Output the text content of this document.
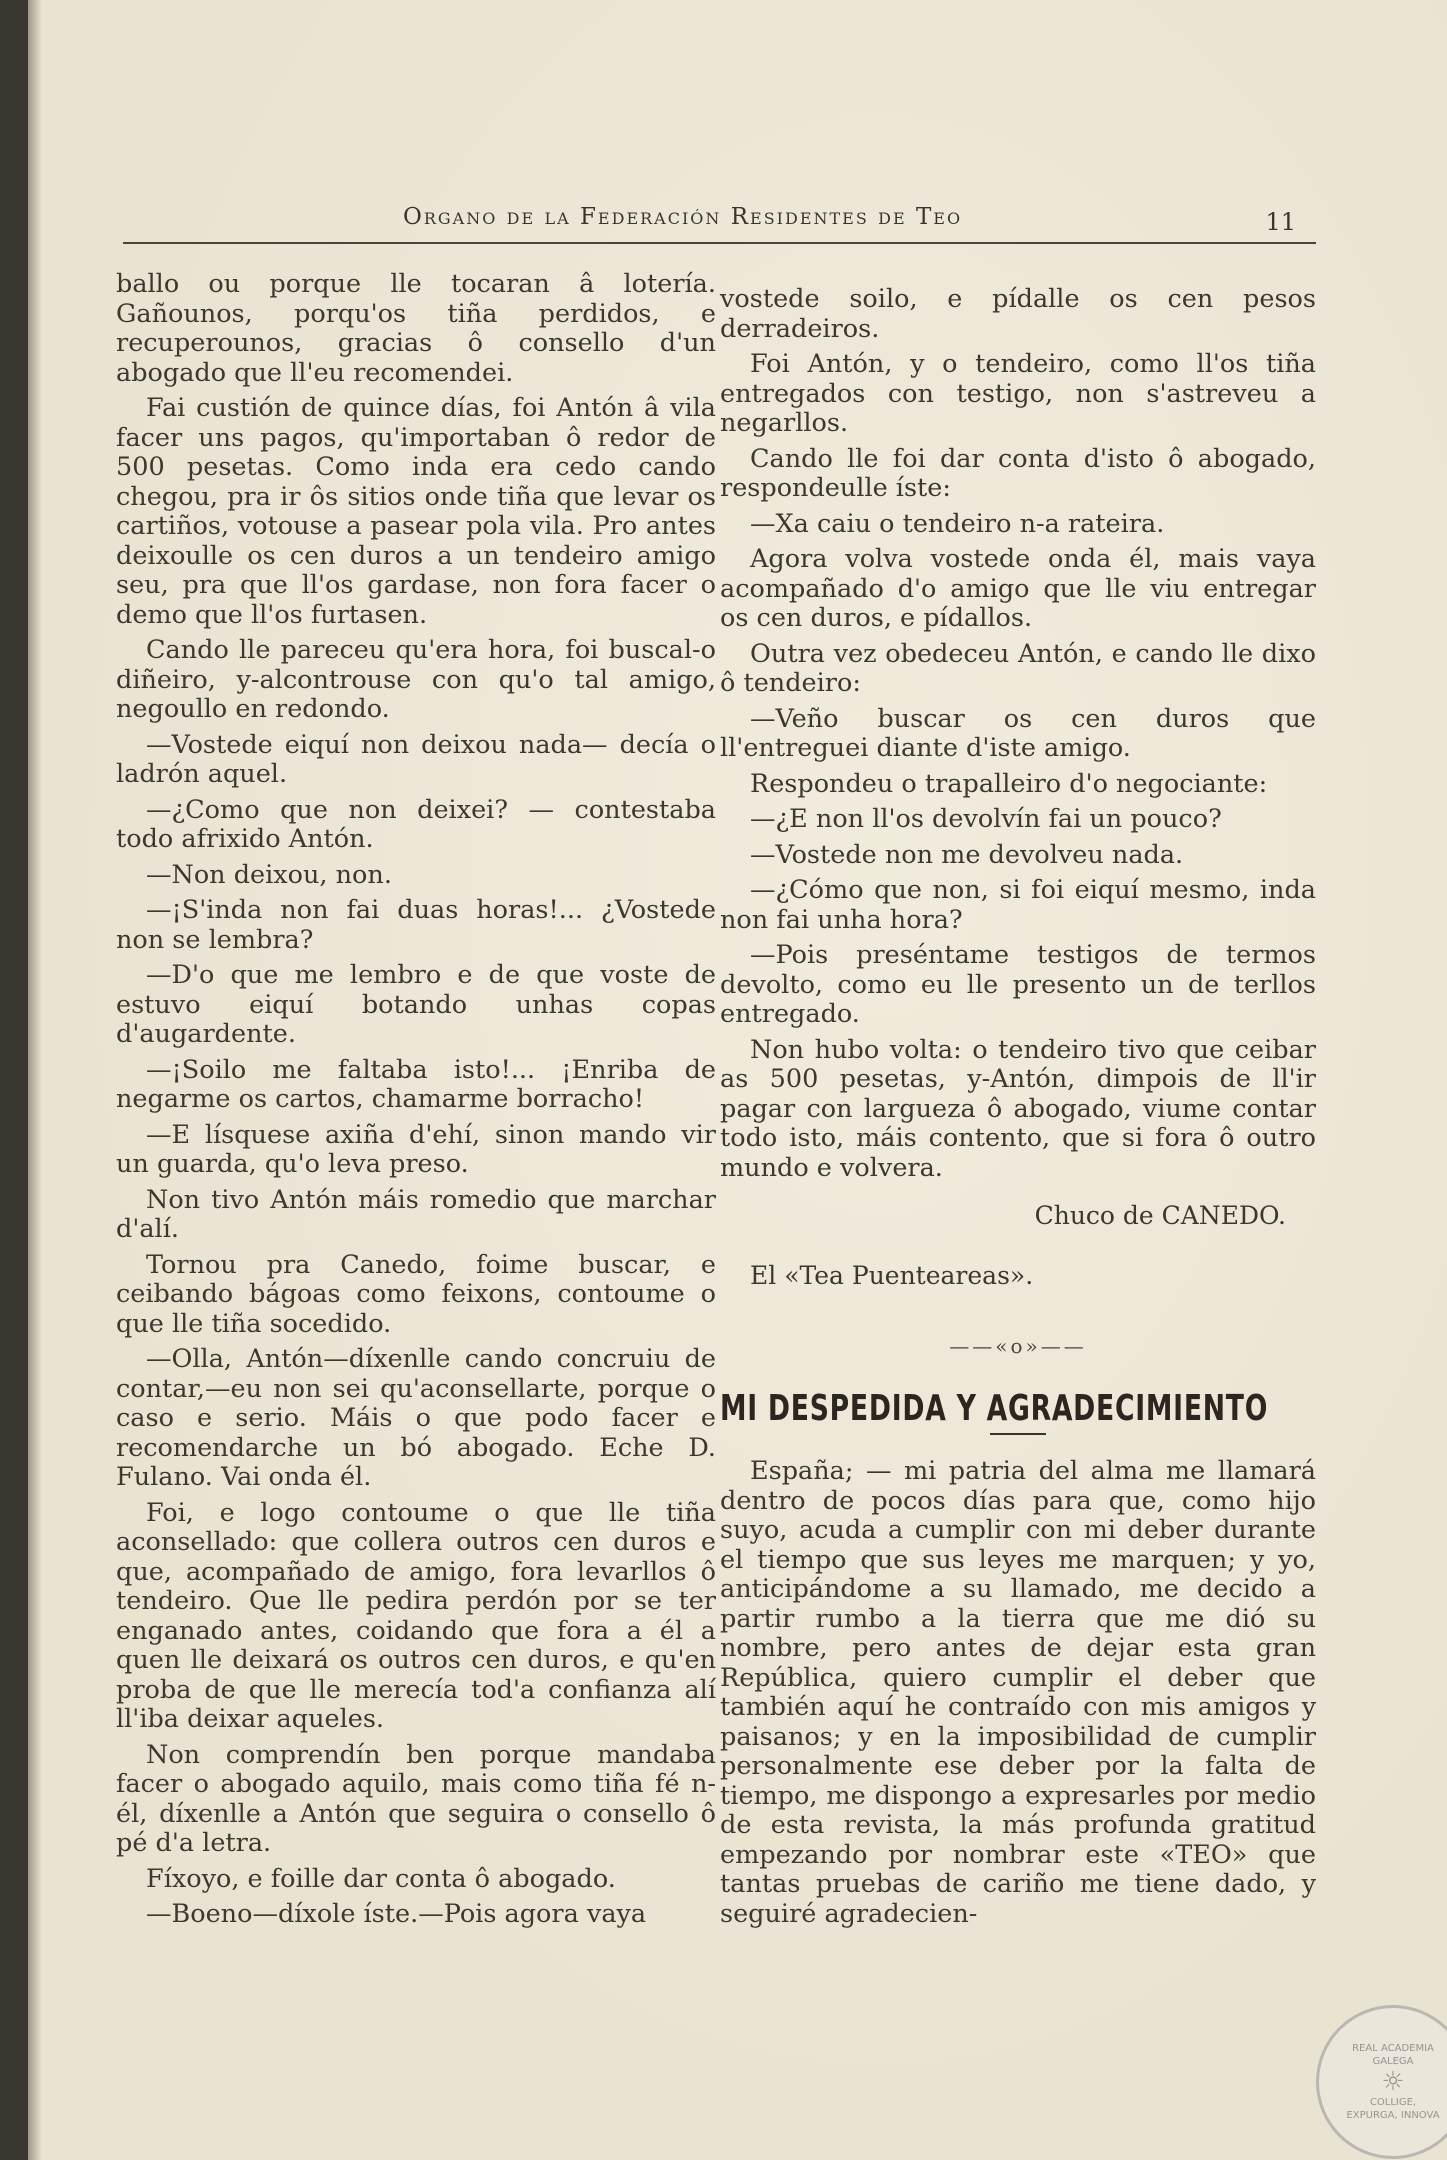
Organo de la Federación Residentes de Teo	11

ballo ou porque lle tocaran â lotería. Gañounos, porqu'os tiña perdidos, e recuperounos, gracias ô consello d'un abogado que ll'eu recomendei.

Fai custión de quince días, foi Antón â vila facer uns pagos, qu'importaban ô redor de 500 pesetas. Como inda era cedo cando chegou, pra ir ôs sitios onde tiña que levar os cartiños, votouse a pasear pola vila. Pro antes deixoulle os cen duros a un tendeiro amigo seu, pra que ll'os gardase, non fora facer o demo que ll'os furtasen.

Cando lle pareceu qu'era hora, foi buscal-o diñeiro, y-alcontrouse con qu'o tal amigo, negoullo en redondo.

—Vostede eiquí non deixou nada— decía o ladrón aquel.

—¿Como que non deixei? — contestaba todo afrixido Antón.

—Non deixou, non.

—¡S'inda non fai duas horas!... ¿Vostede non se lembra?

—D'o que me lembro e de que voste de estuvo eiquí botando unhas copas d'augardente.

—¡Soilo me faltaba isto!... ¡Enriba de negarme os cartos, chamarme borracho!

—E lísquese axiña d'ehí, sinon mando vir un guarda, qu'o leva preso.

Non tivo Antón máis romedio que marchar d'alí.

Tornou pra Canedo, foime buscar, e ceibando bágoas como feixons, contoume o que lle tiña socedido.

—Olla, Antón—díxenlle cando concruiu de contar,—eu non sei qu'aconsellarte, porque o caso e serio. Máis o que podo facer e recomendarche un bó abogado. Eche D. Fulano. Vai onda él.

Foi, e logo contoume o que lle tiña aconsellado: que collera outros cen duros e que, acompañado de amigo, fora levarllos ô tendeiro. Que lle pedira perdón por se ter enganado antes, coidando que fora a él a quen lle deixará os outros cen duros, e qu'en proba de que lle merecía tod'a confianza alí ll'iba deixar aqueles.

Non comprendín ben porque mandaba facer o abogado aquilo, mais como tiña fé n-él, díxenlle a Antón que seguira o consello ô pé d'a letra.

Fíxoyo, e foille dar conta ô abogado.

—Boeno—díxole íste.—Pois agora vaya

vostede soilo, e pídalle os cen pesos derradeiros.

Foi Antón, y o tendeiro, como ll'os tiña entregados con testigo, non s'astreveu a negarllos.

Cando lle foi dar conta d'isto ô abogado, respondeulle íste:

—Xa caiu o tendeiro n-a rateira.

Agora volva vostede onda él, mais vaya acompañado d'o amigo que lle viu entregar os cen duros, e pídallos.

Outra vez obedeceu Antón, e cando lle dixo ô tendeiro:

—Veño buscar os cen duros que ll'entreguei diante d'iste amigo.

Respondeu o trapalleiro d'o negociante:

—¿E non ll'os devolvín fai un pouco?

—Vostede non me devolveu nada.

—¿Cómo que non, si foi eiquí mesmo, inda non fai unha hora?

—Pois preséntame testigos de termos devolto, como eu lle presento un de terllos entregado.

Non hubo volta: o tendeiro tivo que ceibar as 500 pesetas, y-Antón, dimpois de ll'ir pagar con largueza ô abogado, viume contar todo isto, máis contento, que si fora ô outro mundo e volvera.

Chuco de CANEDO.
El «Tea Puenteareas».
——«o»——
MI DESPEDIDA Y AGRADECIMIENTO

España; — mi patria del alma me llamará dentro de pocos días para que, como hijo suyo, acuda a cumplir con mi deber durante el tiempo que sus leyes me marquen; y yo, anticipándome a su llamado, me decido a partir rumbo a la tierra que me dió su nombre, pero antes de dejar esta gran República, quiero cumplir el deber que también aquí he contraído con mis amigos y paisanos; y en la imposibilidad de cumplir personalmente ese deber por la falta de tiempo, me dispongo a expresarles por medio de esta revista, la más profunda gratitud empezando por nombrar este «TEO» que tantas pruebas de cariño me tiene dado, y seguiré agradecien-

REAL ACADEMIA GALEGA
☼
COLLIGE, EXPURGA, INNOVA
